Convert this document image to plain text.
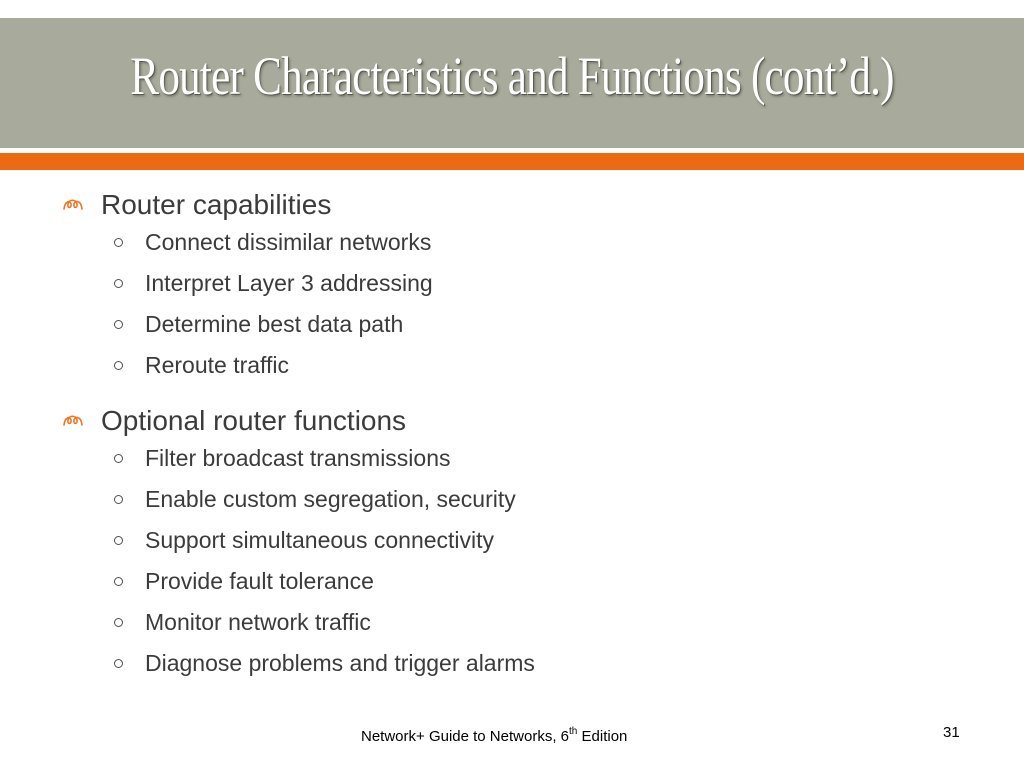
Router Characteristics and Functions (cont’d.)
Router capabilities
Connect dissimilar networks
Interpret Layer 3 addressing
Determine best data path
Reroute traffic
Optional router functions
Filter broadcast transmissions
Enable custom segregation, security
Support simultaneous connectivity
Provide fault tolerance
Monitor network traffic
Diagnose problems and trigger alarms
Network+ Guide to Networks, 6th Edition	31
